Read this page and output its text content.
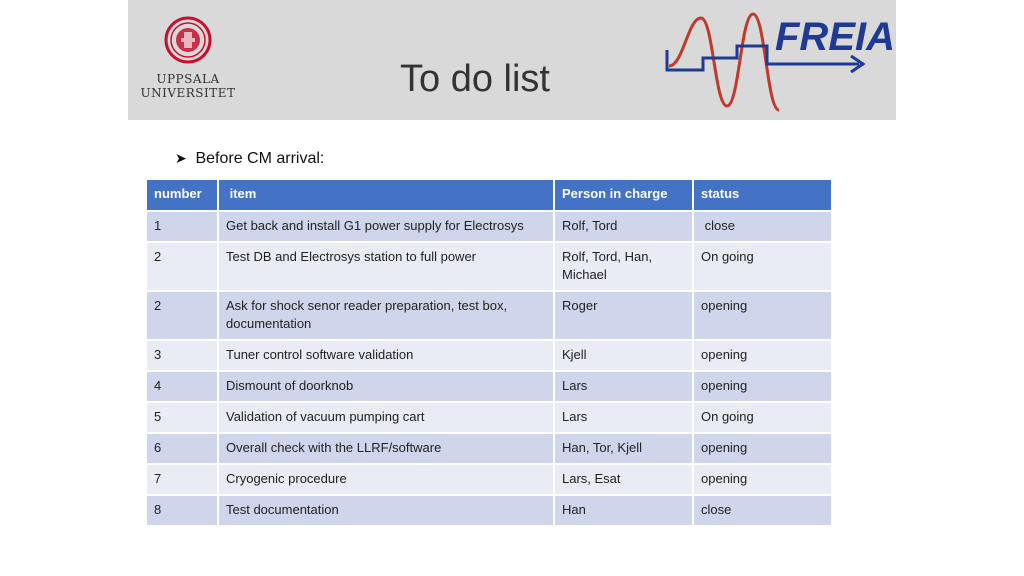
UPPSALA
UNIVERSITET	To do list
FREIA
➤ Before CM arrival:
number	item	Person in charge	status
1	Get back and install G1 power supply for Electrosys	Rolf, Tord	close
2	Test DB and Electrosys station to full power	Rolf, Tord, Han, Michael	On going
2	Ask for shock senor reader preparation, test box, documentation	Roger	opening
3	Tuner control software validation	Kjell	opening
4	Dismount of doorknob	Lars	opening
5	Validation of vacuum pumping cart	Lars	On going
6	Overall check with the LLRF/software	Han, Tor, Kjell	opening
7	Cryogenic procedure	Lars, Esat	opening
8	Test documentation	Han	close
